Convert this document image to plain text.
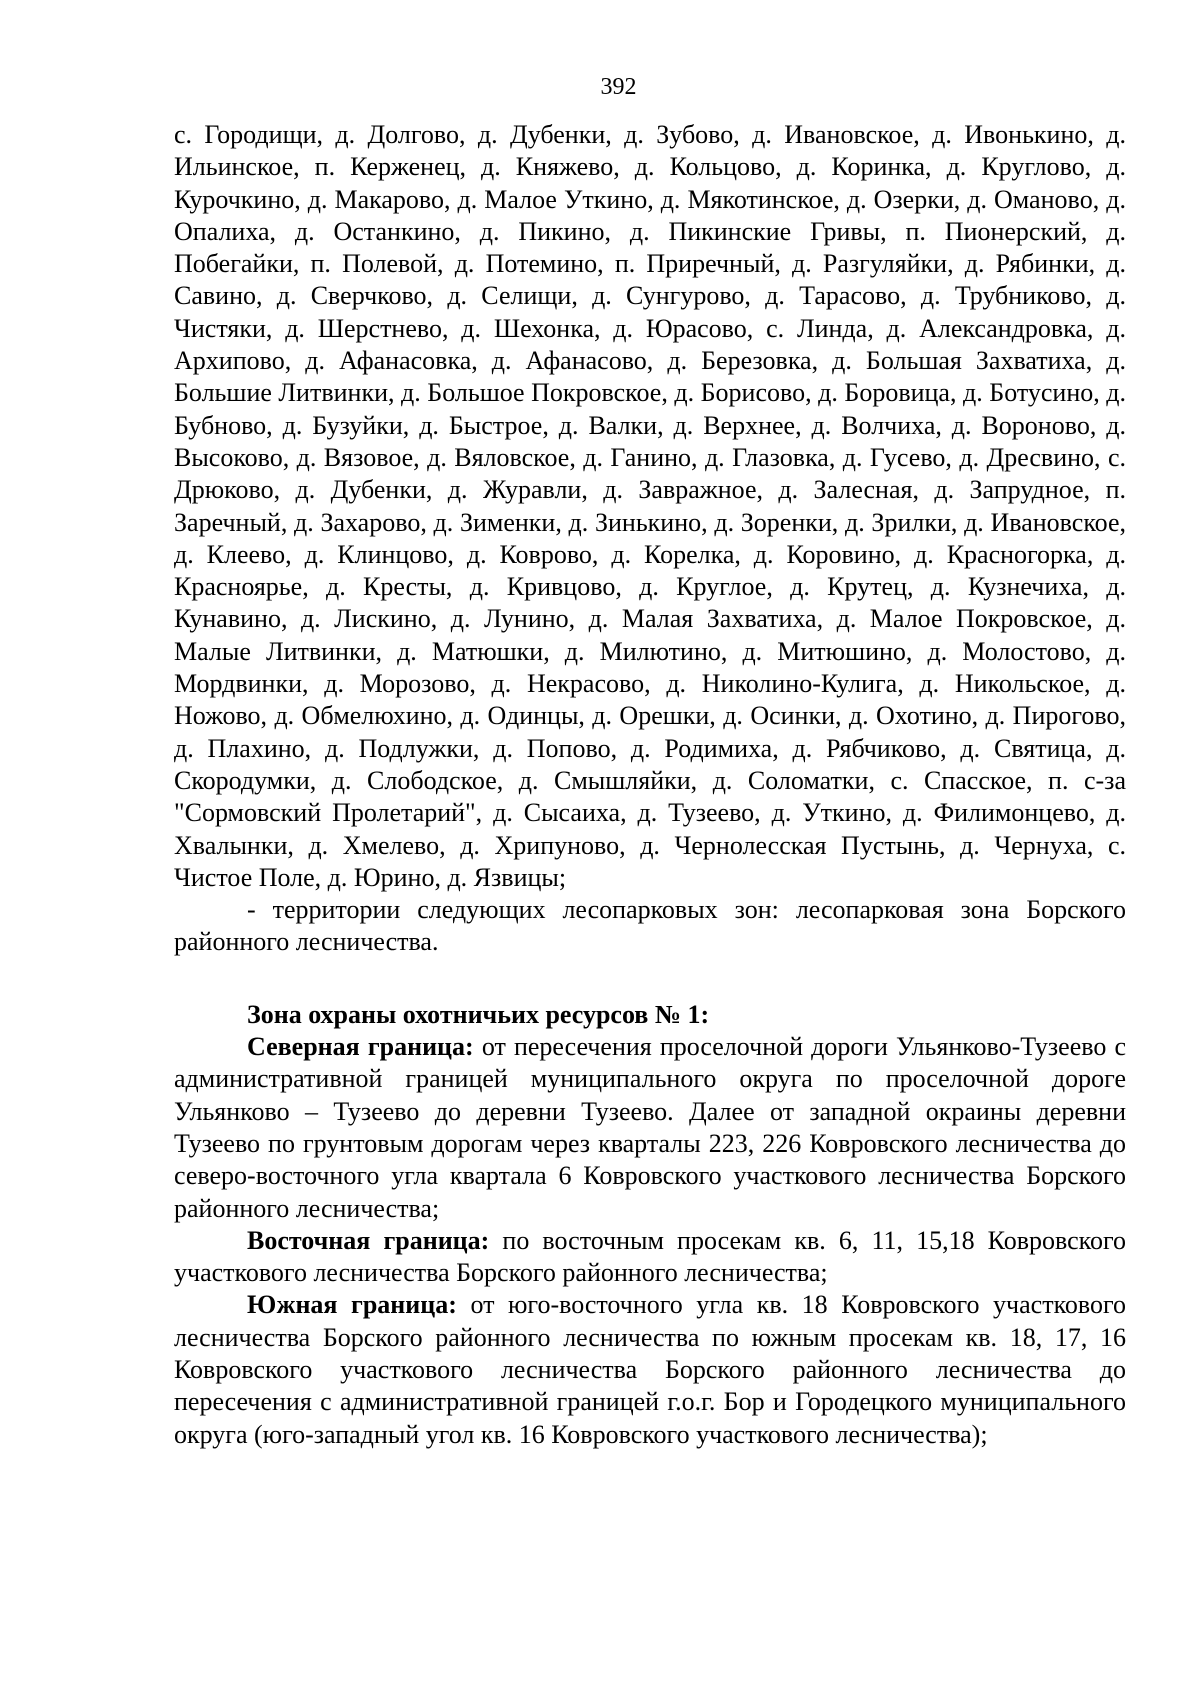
392

с. Городищи, д. Долгово, д. Дубенки, д. Зубово, д. Ивановское, д. Ивонькино, д. Ильинское, п. Керженец, д. Княжево, д. Кольцово, д. Коринка, д. Круглово, д. Курочкино, д. Макарово, д. Малое Уткино, д. Мякотинское, д. Озерки, д. Омановo, д. Опалиха, д. Останкино, д. Пикино, д. Пикинские Гривы, п. Пионерский, д. Побегайки, п. Полевой, д. Потемино, п. Приречный, д. Разгуляйки, д. Рябинки, д. Савино, д. Сверчково, д. Селищи, д. Сунгурово, д. Тарасово, д. Трубниково, д. Чистяки, д. Шерстнево, д. Шехонка, д. Юрасово, с. Линда, д. Александровка, д. Архипово, д. Афанасовка, д. Афанасово, д. Березовка, д. Большая Захватиха, д. Большие Литвинки, д. Большое Покровское, д. Борисово, д. Боровица, д. Ботусино, д. Бубново, д. Бузуйки, д. Быстрое, д. Валки, д. Верхнее, д. Волчиха, д. Вороново, д. Высоково, д. Вязовое, д. Вяловское, д. Ганино, д. Глазовка, д. Гусево, д. Дресвино, с. Дрюково, д. Дубенки, д. Журавли, д. Завражное, д. Залесная, д. Запрудное, п. Заречный, д. Захарово, д. Зименки, д. Зинькино, д. Зоренки, д. Зрилки, д. Ивановское, д. Клеево, д. Клинцово, д. Коврово, д. Корелка, д. Коровино, д. Красногорка, д. Красноярье, д. Кресты, д. Кривцово, д. Круглое, д. Крутец, д. Кузнечиха, д. Кунавино, д. Лискино, д. Лунино, д. Малая Захватиха, д. Малое Покровское, д. Малые Литвинки, д. Матюшки, д. Милютино, д. Митюшино, д. Молостово, д. Мордвинки, д. Морозово, д. Некрасово, д. Николино-Кулига, д. Никольское, д. Ножово, д. Обмелюхино, д. Одинцы, д. Орешки, д. Осинки, д. Охотино, д. Пирогово, д. Плахино, д. Подлужки, д. Попово, д. Родимиха, д. Рябчиково, д. Святица, д. Скородумки, д. Слободское, д. Смышляйки, д. Соломатки, с. Спасское, п. с-за "Сормовский Пролетарий", д. Сысаиха, д. Тузеево, д. Уткино, д. Филимонцево, д. Хвалынки, д. Хмелево, д. Хрипуново, д. Чернолесская Пустынь, д. Чернуха, с. Чистое Поле, д. Юрино, д. Язвицы;

- территории следующих лесопарковых зон: лесопарковая зона Борского районного лесничества.

Зона охраны охотничьих ресурсов № 1:

Северная граница: от пересечения проселочной дороги Ульянково-Тузеево с административной границей муниципального округа по проселочной дороге Ульянково – Тузеево до деревни Тузеево. Далее от западной окраины деревни Тузеево по грунтовым дорогам через кварталы 223, 226 Ковровского лесничества до северо-восточного угла квартала 6 Ковровского участкового лесничества Борского районного лесничества;

Восточная граница: по восточным просекам кв. 6, 11, 15,18 Ковровского участкового лесничества Борского районного лесничества;

Южная граница: от юго-восточного угла кв. 18 Ковровского участкового лесничества Борского районного лесничества по южным просекам кв. 18, 17, 16 Ковровского участкового лесничества Борского районного лесничества до пересечения с административной границей г.о.г. Бор и Городецкого муниципального округа (юго-западный угол кв. 16 Ковровского участкового лесничества);
